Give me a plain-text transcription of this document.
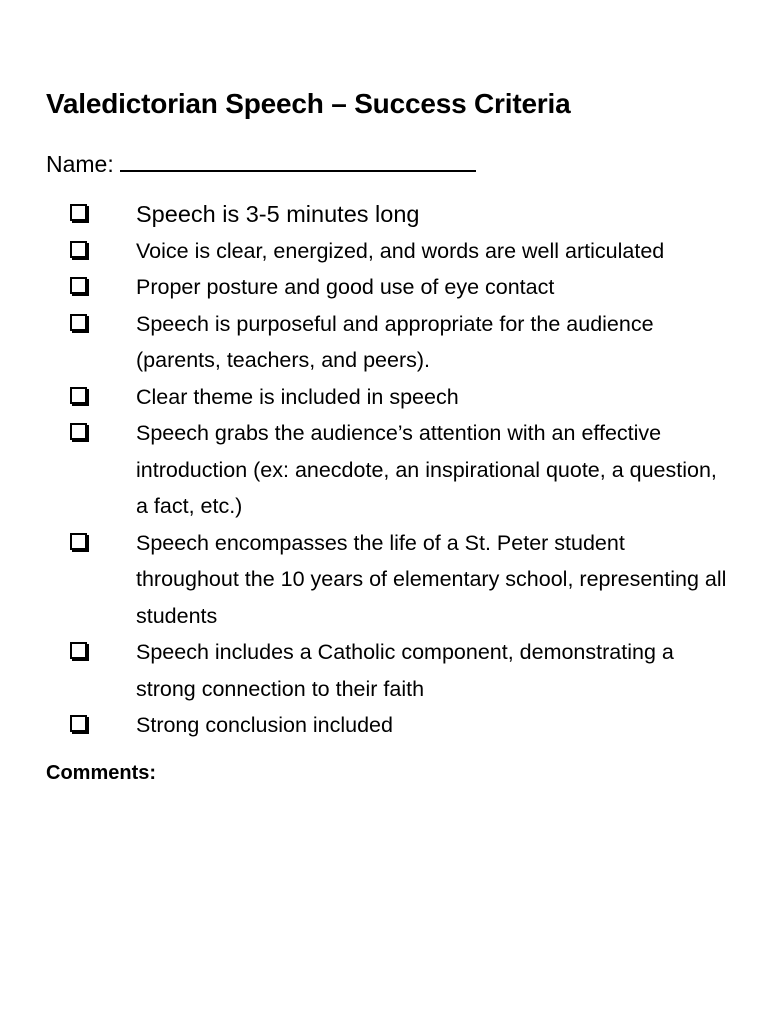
Valedictorian Speech – Success Criteria
Name:
Speech is 3-5 minutes long
Voice is clear, energized, and words are well articulated
Proper posture and good use of eye contact
Speech is purposeful and appropriate for the audience (parents, teachers, and peers).
Clear theme is included in speech
Speech grabs the audience’s attention with an effective introduction (ex: anecdote, an inspirational quote, a question, a fact, etc.)
Speech encompasses the life of a St. Peter student throughout the 10 years of elementary school, representing all students
Speech includes a Catholic component, demonstrating a strong connection to their faith
Strong conclusion included
Comments:
